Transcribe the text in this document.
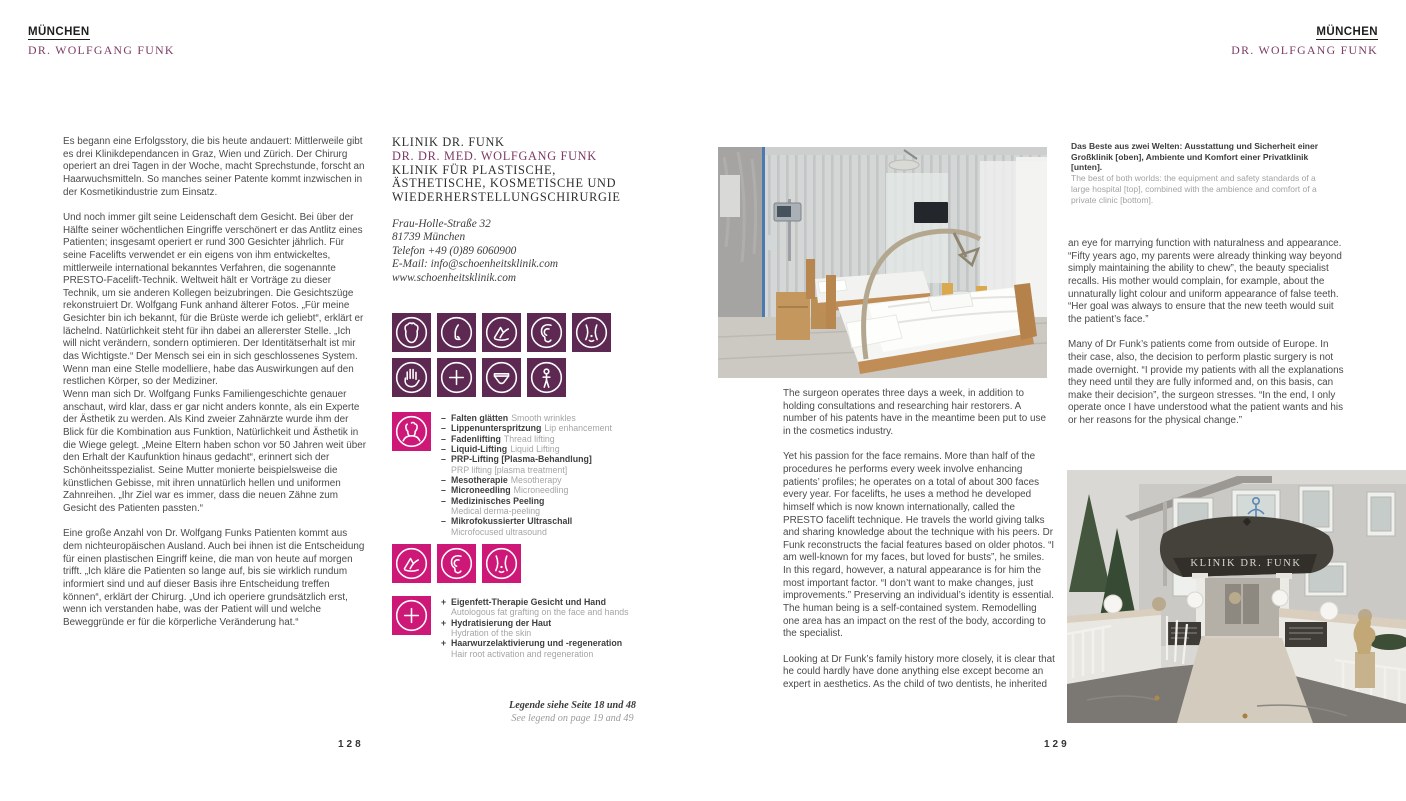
MÜNCHEN
DR. WOLFGANG FUNK
MÜNCHEN
DR. WOLFGANG FUNK

Es begann eine Erfolgsstory, die bis heute andauert: Mittlerweile gibt es drei Klinikdependancen in Graz, Wien und Zürich. Der Chirurg operiert an drei Tagen in der Woche, macht Sprechstunde, forscht an Haarwuchsmitteln. So manches seiner Patente kommt inzwischen in der Kosmetikindustrie zum Einsatz.

Und noch immer gilt seine Leidenschaft dem Gesicht. Bei über der Hälfte seiner wöchentlichen Eingriffe verschönert er das Antlitz eines Patienten; insgesamt operiert er rund 300 Gesichter jährlich. Für seine Facelifts verwendet er ein eigens von ihm entwickeltes, mittlerweile international bekanntes Verfahren, die sogenannte PRESTO-Facelift-Technik. Weltweit hält er Vorträge zu dieser Technik, um sie anderen Kollegen beizubringen. Die Gesichtszüge rekonstruiert Dr. Wolfgang Funk anhand älterer Fotos. „Für meine Gesichter bin ich bekannt, für die Brüste werde ich geliebt“, erklärt er lächelnd. Natürlichkeit steht für ihn dabei an allererster Stelle. „Ich will nicht verändern, sondern optimieren. Der Identitätserhalt ist mir das Wichtigste.“ Der Mensch sei ein in sich geschlossenes System. Wenn man eine Stelle modelliere, habe das Auswirkungen auf den restlichen Körper, so der Mediziner.

Wenn man sich Dr. Wolfgang Funks Familiengeschichte genauer anschaut, wird klar, dass er gar nicht anders konnte, als ein Experte der Ästhetik zu werden. Als Kind zweier Zahnärzte wurde ihm der Blick für die Kombination aus Funktion, Natürlichkeit und Ästhetik in die Wiege gelegt. „Meine Eltern haben schon vor 50 Jahren weit über den Erhalt der Kaufunktion hinaus gedacht“, erinnert sich der Schönheitsspezialist. Seine Mutter monierte beispielsweise die künstlichen Gebisse, mit ihren unnatürlich hellen und uniformen Zahnreihen. „Ihr Ziel war es immer, dass die neuen Zähne zum Gesicht des Patienten passten.“

Eine große Anzahl von Dr. Wolfgang Funks Patienten kommt aus dem nichteuropäischen Ausland. Auch bei ihnen ist die Entscheidung für einen plastischen Eingriff keine, die man von heute auf morgen trifft. „Ich kläre die Patienten so lange auf, bis sie wirklich rundum informiert sind und auf dieser Basis ihre Entscheidung treffen können“, erklärt der Chirurg. „Und ich operiere grundsätzlich erst, wenn ich verstanden habe, was der Patient will und welche Beweggründe er für die körperliche Veränderung hat.“

KLINIK DR. FUNK
DR. DR. MED. WOLFGANG FUNK
KLINIK FÜR PLASTISCHE,
ÄSTHETISCHE, KOSMETISCHE UND
WIEDERHERSTELLUNGSCHIRURGIE
Frau-Holle-Straße 32
81739 München
Telefon +49 (0)89 6060900
E-Mail: info@schoenheitsklinik.com
www.schoenheitsklinik.com
– Falten glätten Smooth wrinkles
– Lippenunterspritzung Lip enhancement
– Fadenlifting Thread lifting
– Liquid-Lifting Liquid Lifting
– PRP-Lifting [Plasma-Behandlung]
PRP lifting [plasma treatment]
– Mesotherapie Mesotherapy
– Microneedling Microneedling
– Medizinisches Peeling
Medical derma-peeling
– Mikrofokussierter Ultraschall
Microfocused ultrasound
+ Eigenfett-Therapie Gesicht und Hand
Autologous fat grafting on the face and hands
+ Hydratisierung der Haut
Hydration of the skin
+ Haarwurzelaktivierung und -regeneration
Hair root activation and regeneration
Legende siehe Seite 18 und 48
See legend on page 19 and 49
128
Das Beste aus zwei Welten: Ausstattung und Sicherheit einer Großklinik [oben], Ambiente und Komfort einer Privatklinik [unten].
The best of both worlds: the equipment and safety standards of a large hospital [top], combined with the ambience and comfort of a private clinic [bottom].

an eye for marrying function with naturalness and appearance. “Fifty years ago, my parents were already thinking way beyond simply maintaining the ability to chew”, the beauty specialist recalls. His mother would complain, for example, about the unnaturally light colour and uniform appearance of false teeth. “Her goal was always to ensure that the new teeth would suit the patient’s face.”

Many of Dr Funk’s patients come from outside of Europe. In their case, also, the decision to perform plastic surgery is not made overnight. “I provide my patients with all the explanations they need until they are fully informed and, on this basis, can make their decision”, the surgeon stresses. “In the end, I only operate once I have understood what the patient wants and his or her reasons for the physical change.”

The surgeon operates three days a week, in addition to holding consultations and researching hair restorers. A number of his patents have in the meantime been put to use in the cosmetics industry.

Yet his passion for the face remains. More than half of the procedures he performs every week involve enhancing patients’ profiles; he operates on a total of about 300 faces every year. For facelifts, he uses a method he developed himself which is now known internationally, called the PRESTO facelift technique. He travels the world giving talks and sharing knowledge about the technique with his peers. Dr Funk reconstructs the facial features based on older photos. “I am well-known for my faces, but loved for busts”, he smiles.

In this regard, however, a natural appearance is for him the most important factor. “I don’t want to make changes, just improvements.” Preserving an individual’s identity is essential. The human being is a self-contained system. Remodelling one area has an impact on the rest of the body, according to the specialist.

Looking at Dr Funk’s family history more closely, it is clear that he could hardly have done anything else except become an expert in aesthetics. As the child of two dentists, he inherited

KLINIK DR. FUNK
129
